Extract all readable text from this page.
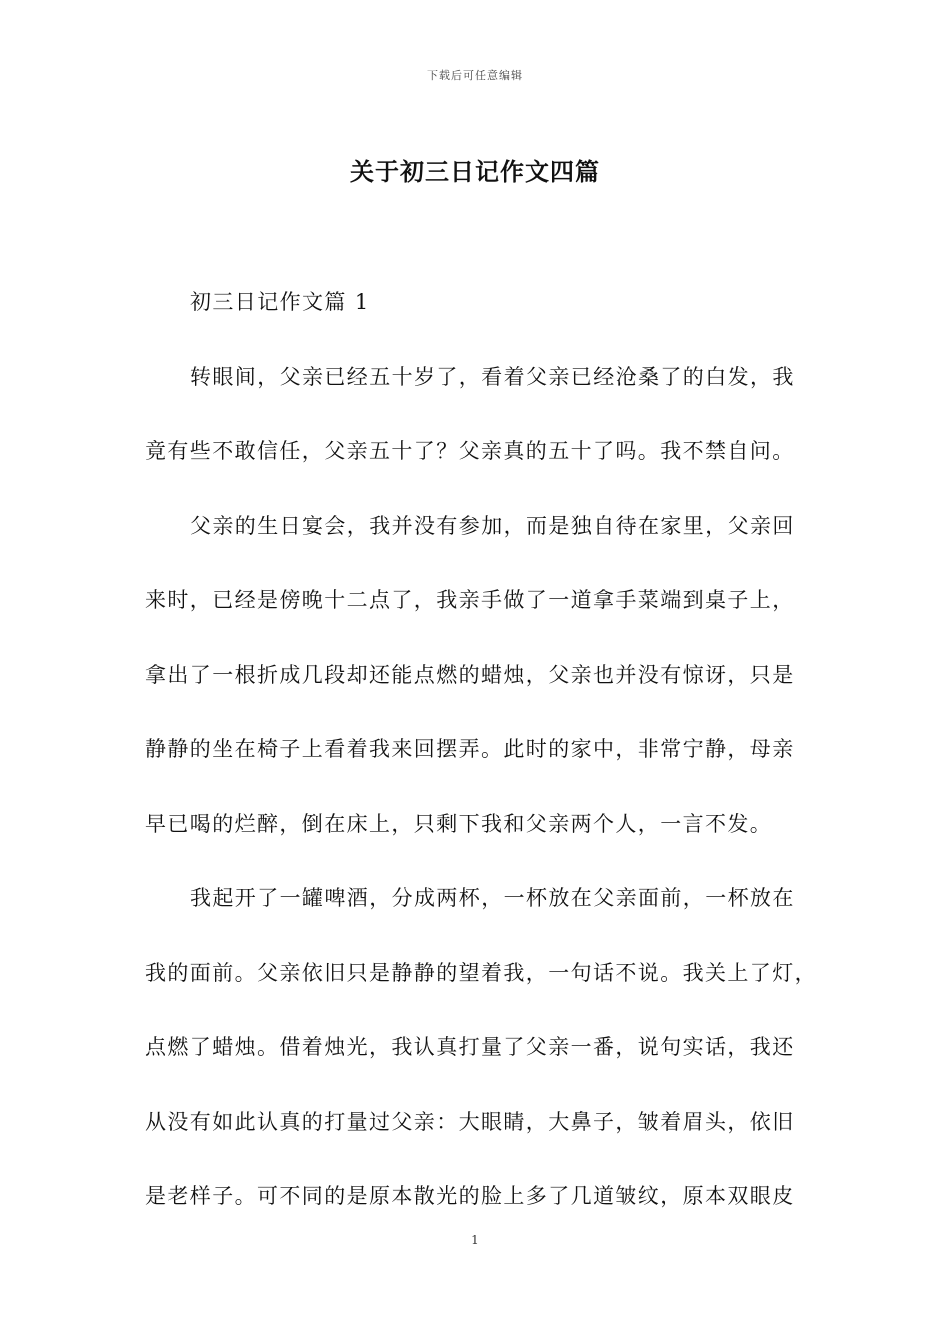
下载后可任意编辑
关于初三日记作文四篇
初三日记作文篇 1
转眼间，父亲已经五十岁了，看着父亲已经沧桑了的白发，我
竟有些不敢信任，父亲五十了？父亲真的五十了吗。我不禁自问。
父亲的生日宴会，我并没有参加，而是独自待在家里，父亲回
来时，已经是傍晚十二点了，我亲手做了一道拿手菜端到桌子上，
拿出了一根折成几段却还能点燃的蜡烛，父亲也并没有惊讶，只是
静静的坐在椅子上看着我来回摆弄。此时的家中，非常宁静，母亲
早已喝的烂醉，倒在床上，只剩下我和父亲两个人，一言不发。
我起开了一罐啤酒，分成两杯，一杯放在父亲面前，一杯放在
我的面前。父亲依旧只是静静的望着我，一句话不说。我关上了灯，
点燃了蜡烛。借着烛光，我认真打量了父亲一番，说句实话，我还
从没有如此认真的打量过父亲：大眼睛，大鼻子，皱着眉头，依旧
是老样子。可不同的是原本散光的脸上多了几道皱纹，原本双眼皮
1
